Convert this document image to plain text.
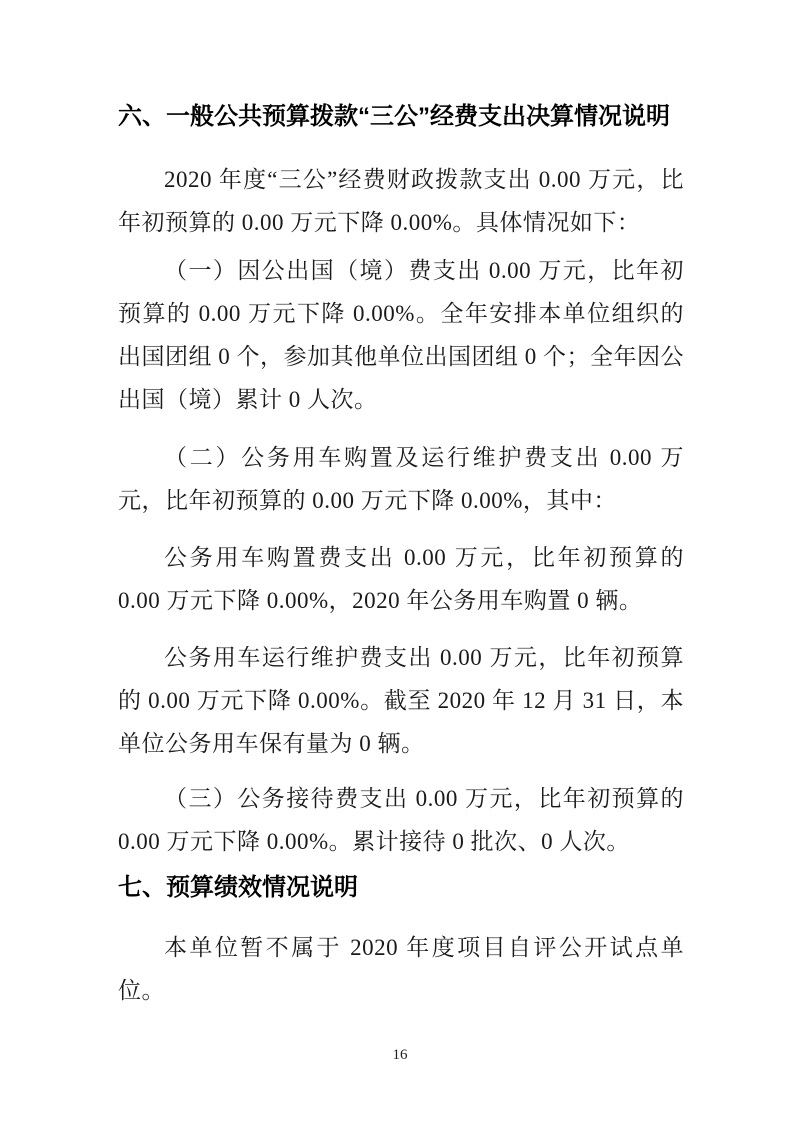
六、一般公共预算拨款“三公”经费支出决算情况说明

2020 年度“三公”经费财政拨款支出 0.00 万元，比年初预算的 0.00 万元下降 0.00%。具体情况如下：

（一）因公出国（境）费支出 0.00 万元，比年初预算的 0.00 万元下降 0.00%。全年安排本单位组织的出国团组 0 个，参加其他单位出国团组 0 个；全年因公出国（境）累计 0 人次。

（二）公务用车购置及运行维护费支出 0.00 万元，比年初预算的 0.00 万元下降 0.00%，其中：

公务用车购置费支出 0.00 万元，比年初预算的 0.00 万元下降 0.00%，2020 年公务用车购置 0 辆。

公务用车运行维护费支出 0.00 万元，比年初预算的 0.00 万元下降 0.00%。截至 2020 年 12 月 31 日，本单位公务用车保有量为 0 辆。

（三）公务接待费支出 0.00 万元，比年初预算的 0.00 万元下降 0.00%。累计接待 0 批次、0 人次。

七、预算绩效情况说明

本单位暂不属于 2020 年度项目自评公开试点单位。

16
